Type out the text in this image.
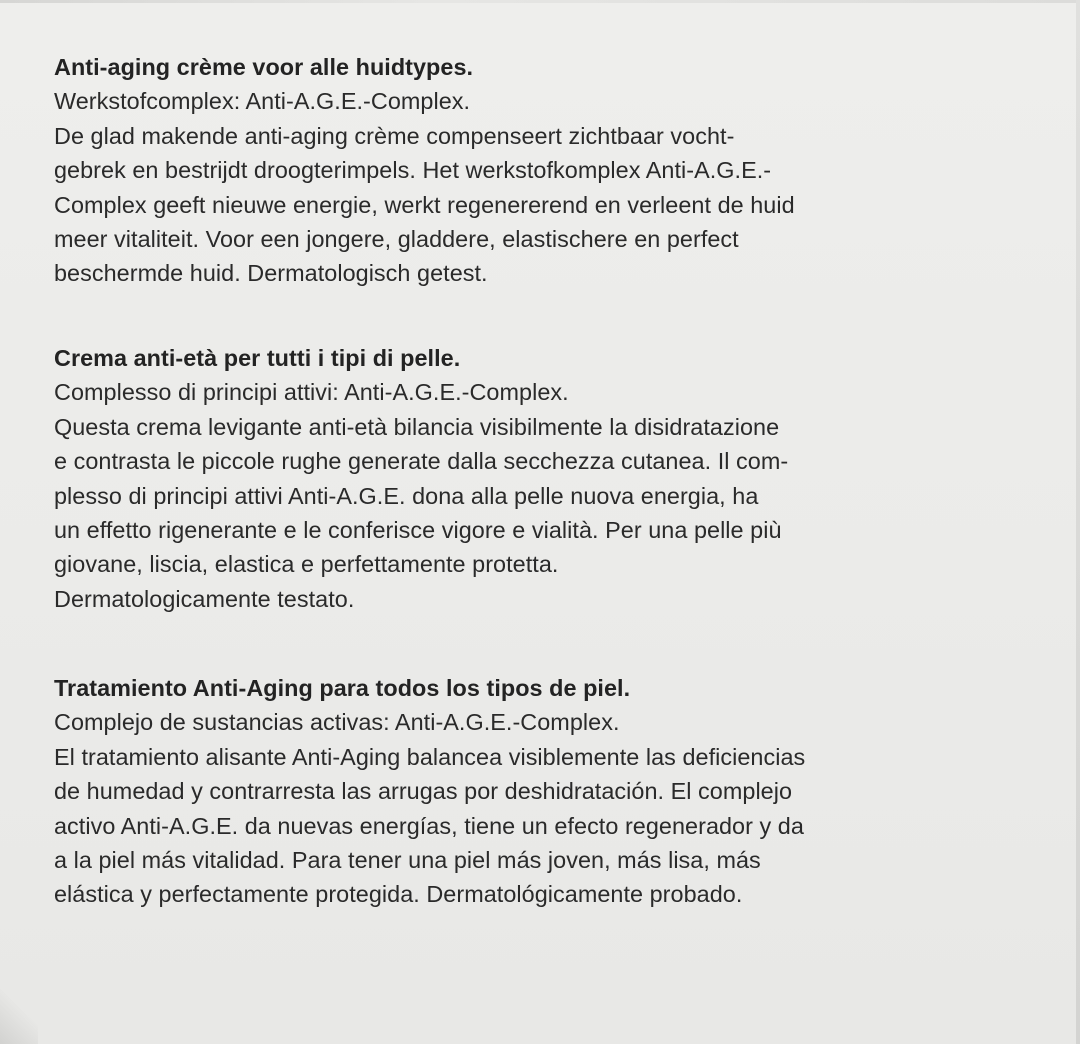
Anti-aging crème voor alle huidtypes.

Werkstofcomplex: Anti-A.G.E.-Complex.

De glad makende anti-aging crème compenseert zichtbaar vocht-

gebrek en bestrijdt droogterimpels. Het werkstofkomplex Anti-A.G.E.-

Complex geeft nieuwe energie, werkt regenererend en verleent de huid

meer vitaliteit. Voor een jongere, gladdere, elastischere en perfect

beschermde huid. Dermatologisch getest.

Crema anti-età per tutti i tipi di pelle.

Complesso di principi attivi: Anti-A.G.E.-Complex.

Questa crema levigante anti-età bilancia visibilmente la disidratazione

e contrasta le piccole rughe generate dalla secchezza cutanea. Il com-

plesso di principi attivi Anti-A.G.E. dona alla pelle nuova energia, ha

un effetto rigenerante e le conferisce vigore e vialità. Per una pelle più

giovane, liscia, elastica e perfettamente protetta.

Dermatologicamente testato.

Tratamiento Anti-Aging para todos los tipos de piel.

Complejo de sustancias activas: Anti-A.G.E.-Complex.

El tratamiento alisante Anti-Aging balancea visiblemente las deficiencias

de humedad y contrarresta las arrugas por deshidratación. El complejo

activo Anti-A.G.E. da nuevas energías, tiene un efecto regenerador y da

a la piel más vitalidad. Para tener una piel más joven, más lisa, más

elástica y perfectamente protegida. Dermatológicamente probado.
